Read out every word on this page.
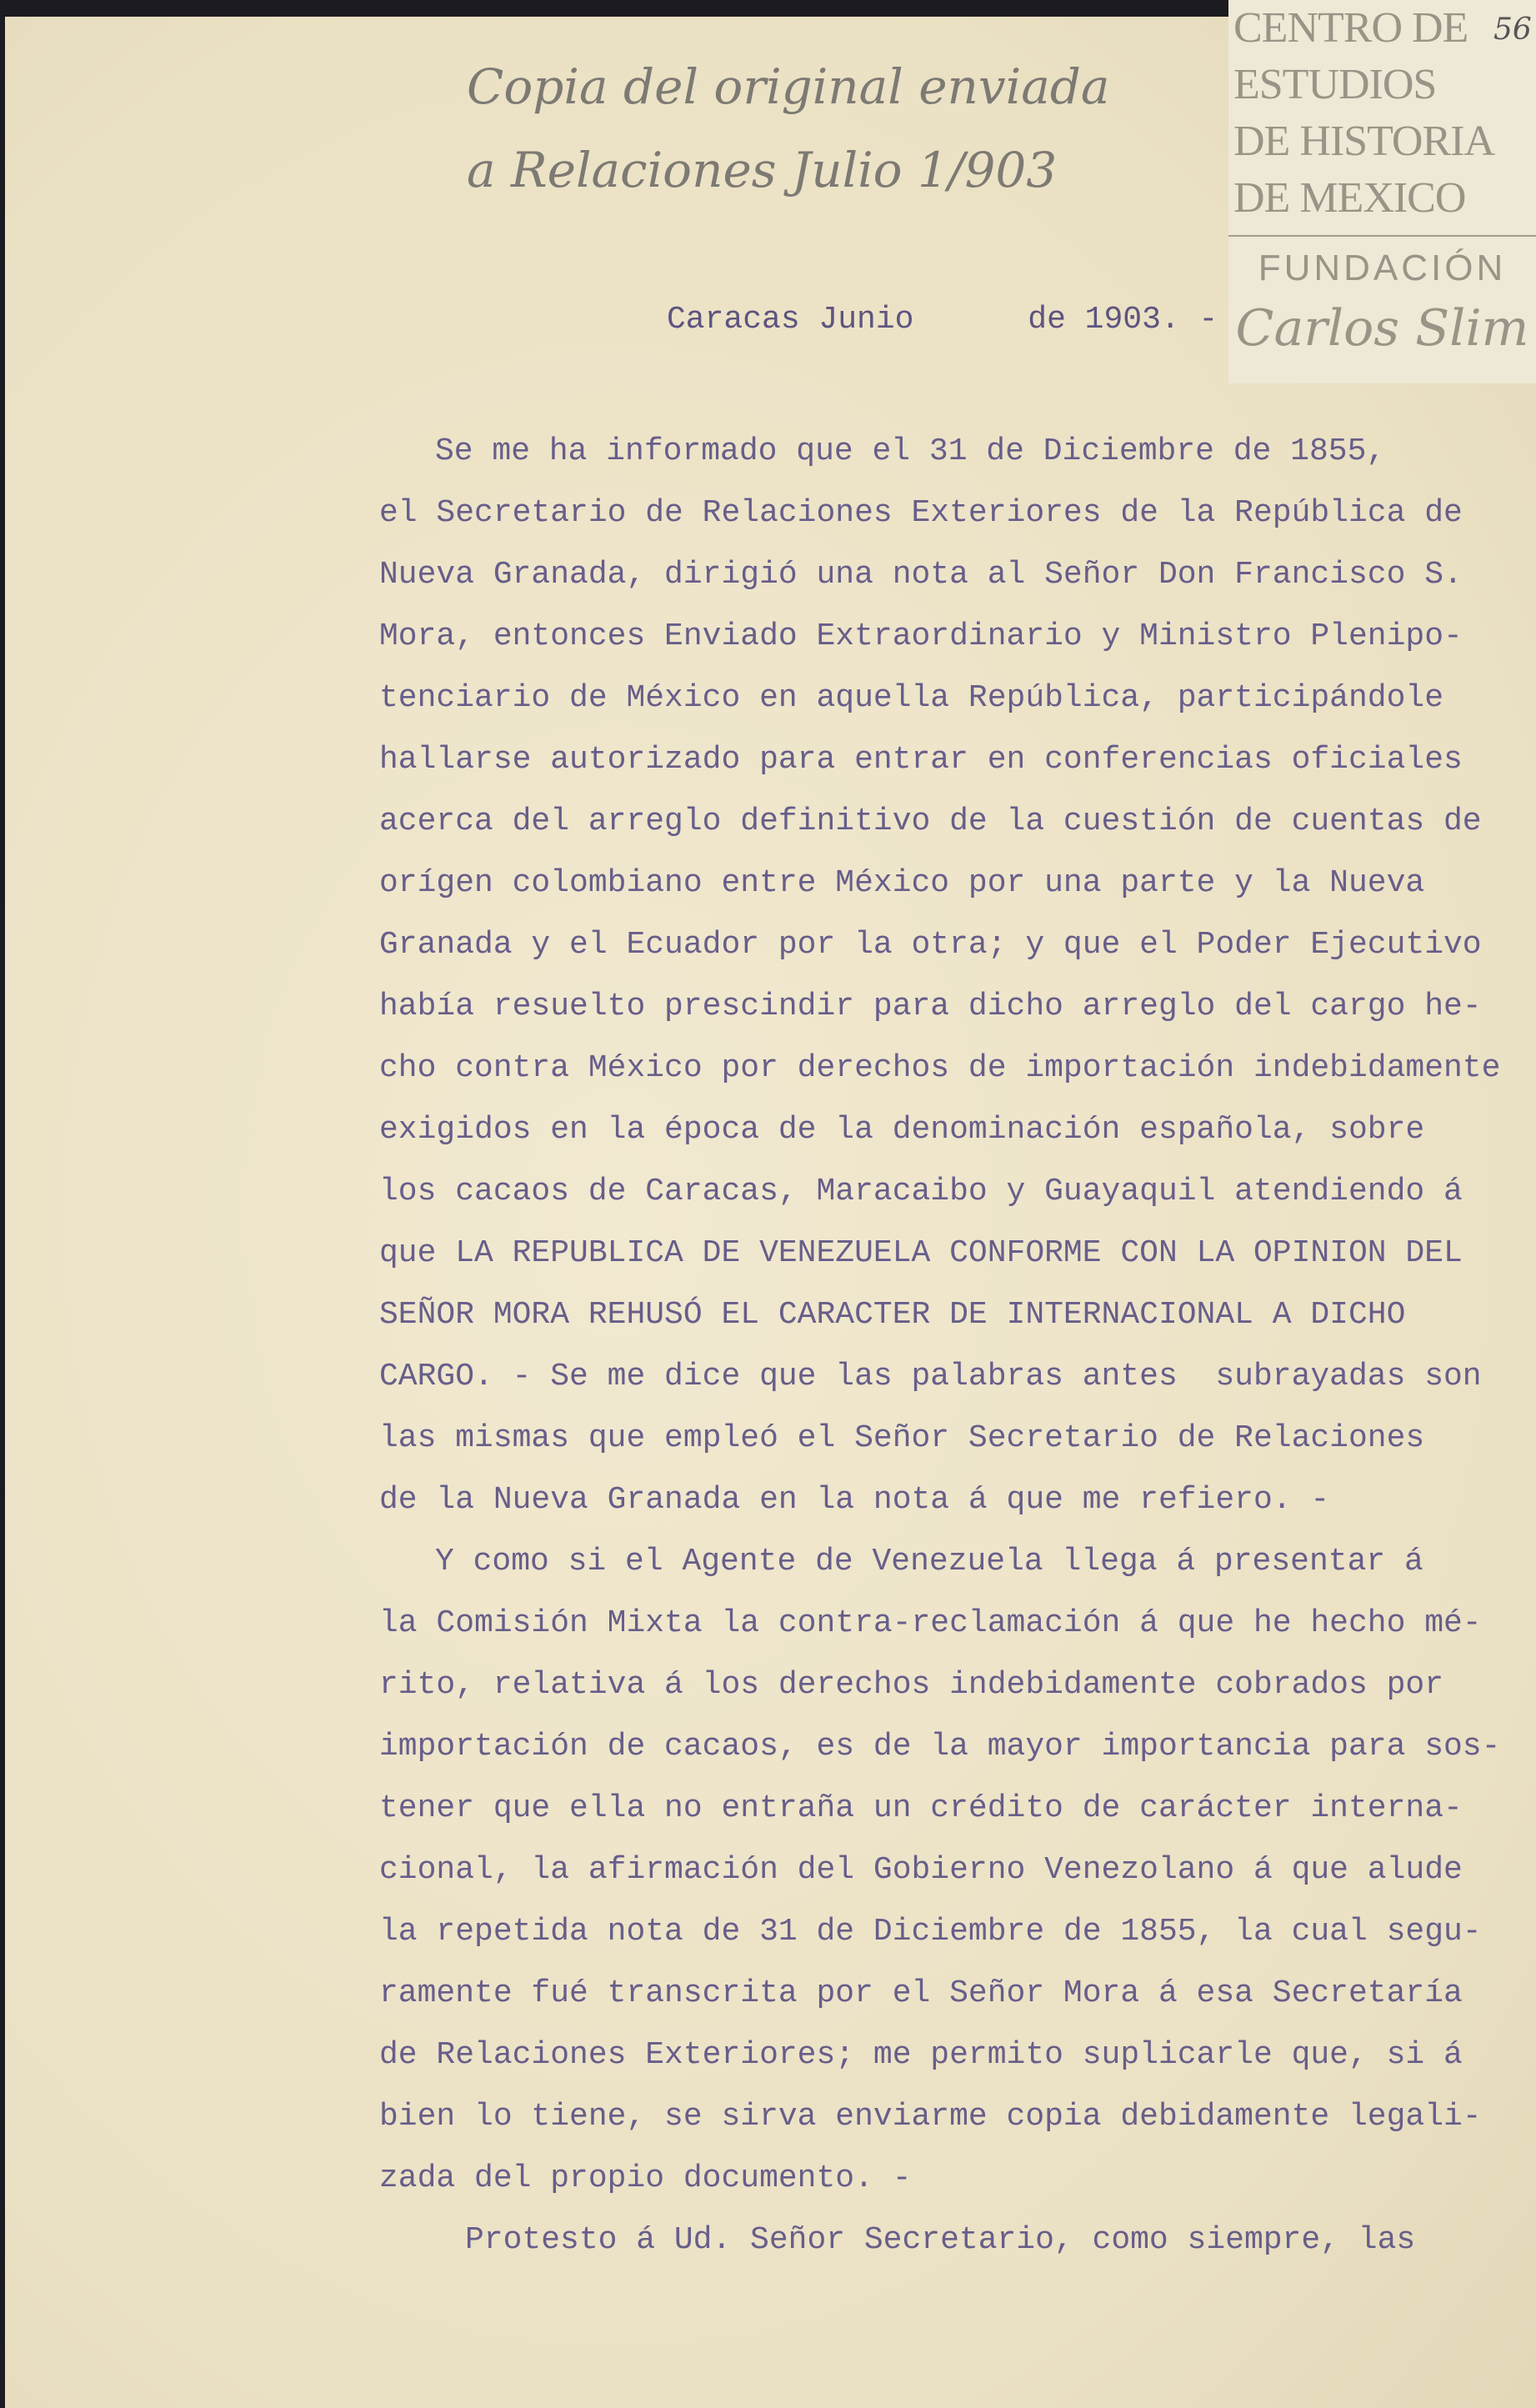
Copia del original enviada
a Relaciones Julio 1/903
CENTRO DE
ESTUDIOS
DE HISTORIA
DE MEXICO
FUNDACIÓN
Carlos Slim
56
Caracas Junio      de 1903. -
Se me ha informado que el 31 de Diciembre de 1855,
el Secretario de Relaciones Exteriores de la República de
Nueva Granada, dirigió una nota al Señor Don Francisco S.
Mora, entonces Enviado Extraordinario y Ministro Plenipo-
tenciario de México en aquella República, participándole
hallarse autorizado para entrar en conferencias oficiales
acerca del arreglo definitivo de la cuestión de cuentas de
orígen colombiano entre México por una parte y la Nueva
Granada y el Ecuador por la otra; y que el Poder Ejecutivo
había resuelto prescindir para dicho arreglo del cargo he-
cho contra México por derechos de importación indebidamente
exigidos en la época de la denominación española, sobre
los cacaos de Caracas, Maracaibo y Guayaquil atendiendo á
que LA REPUBLICA DE VENEZUELA CONFORME CON LA OPINION DEL
SEÑOR MORA REHUSÓ EL CARACTER DE INTERNACIONAL A DICHO
CARGO. - Se me dice que las palabras antes  subrayadas son
las mismas que empleó el Señor Secretario de Relaciones
de la Nueva Granada en la nota á que me refiero. -
Y como si el Agente de Venezuela llega á presentar á
la Comisión Mixta la contra-reclamación á que he hecho mé-
rito, relativa á los derechos indebidamente cobrados por
importación de cacaos, es de la mayor importancia para sos-
tener que ella no entraña un crédito de carácter interna-
cional, la afirmación del Gobierno Venezolano á que alude
la repetida nota de 31 de Diciembre de 1855, la cual segu-
ramente fué transcrita por el Señor Mora á esa Secretaría
de Relaciones Exteriores; me permito suplicarle que, si á
bien lo tiene, se sirva enviarme copia debidamente legali-
zada del propio documento. -
Protesto á Ud. Señor Secretario, como siempre, las
